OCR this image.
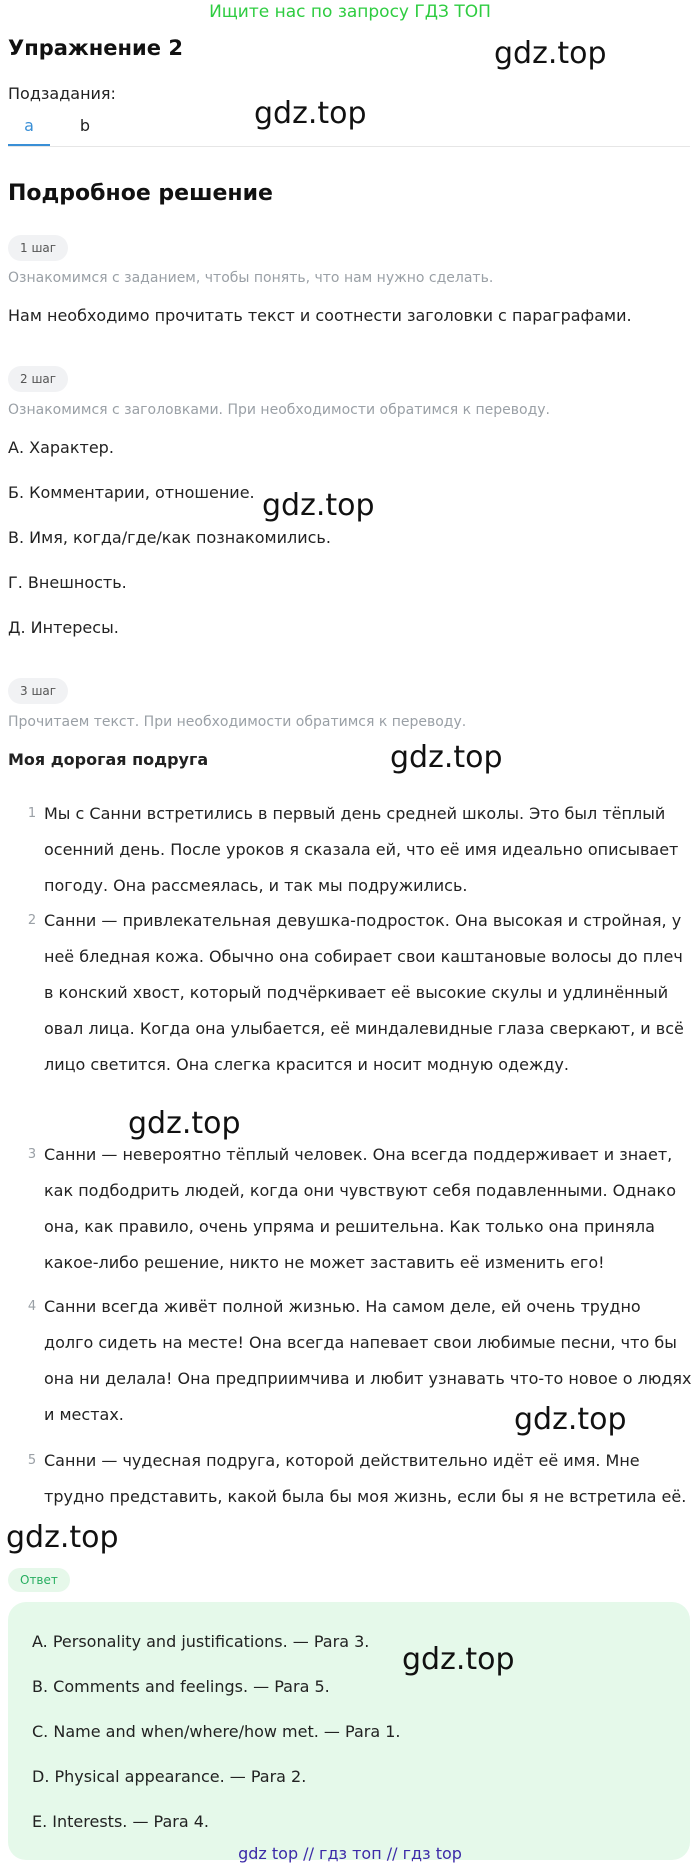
Ищите нас по запросу ГДЗ ТОП
Упражнение 2
Подзадания:
a	b
Подробное решение
1 шаг
Ознакомимся с заданием, чтобы понять, что нам нужно сделать.
Нам необходимо прочитать текст и соотнести заголовки с параграфами.
2 шаг
Ознакомимся с заголовками. При необходимости обратимся к переводу.
А. Характер.
Б. Комментарии, отношение.
В. Имя, когда/где/как познакомились.
Г. Внешность.
Д. Интересы.
3 шаг
Прочитаем текст. При необходимости обратимся к переводу.
Моя дорогая подруга
1 Мы с Санни встретились в первый день средней школы. Это был тёплый осенний день. После уроков я сказала ей, что её имя идеально описывает погоду. Она рассмеялась, и так мы подружились.
2 Санни — привлекательная девушка-подросток. Она высокая и стройная, у неё бледная кожа. Обычно она собирает свои каштановые волосы до плеч в конский хвост, который подчёркивает её высокие скулы и удлинённый овал лица. Когда она улыбается, её миндалевидные глаза сверкают, и всё лицо светится. Она слегка красится и носит модную одежду.
3 Санни — невероятно тёплый человек. Она всегда поддерживает и знает, как подбодрить людей, когда они чувствуют себя подавленными. Однако она, как правило, очень упряма и решительна. Как только она приняла какое-либо решение, никто не может заставить её изменить его!
4 Санни всегда живёт полной жизнью. На самом деле, ей очень трудно долго сидеть на месте! Она всегда напевает свои любимые песни, что бы она ни делала! Она предприимчива и любит узнавать что-то новое о людях и местах.
5 Санни — чудесная подруга, которой действительно идёт её имя. Мне трудно представить, какой была бы моя жизнь, если бы я не встретила её.
Ответ
A. Personality and justifications. — Para 3.
B. Comments and feelings. — Para 5.
C. Name and when/where/how met. — Para 1.
D. Physical appearance. — Para 2.
E. Interests. — Para 4.
gdz.top
gdz.top
gdz.top
gdz.top
gdz.top
gdz.top
gdz.top
gdz.top
gdz top // гдз топ // гдз top
